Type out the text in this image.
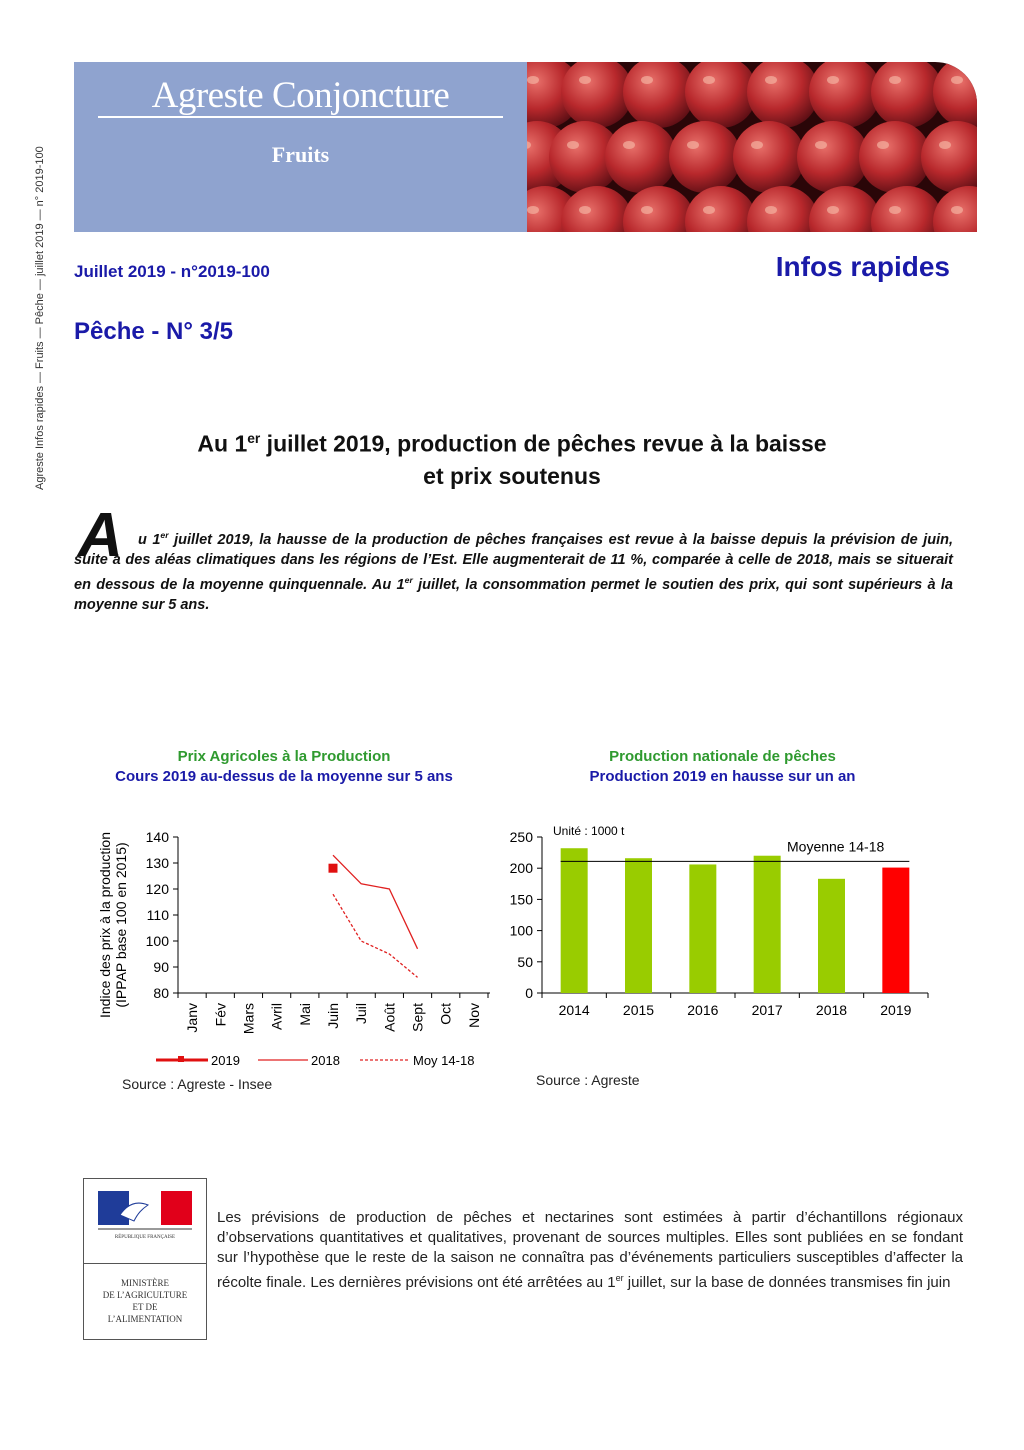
Agreste Infos rapides — Fruits — Pêche — juillet 2019 — n° 2019-100
Agreste Conjoncture
Fruits
Juillet 2019 - n°2019-100	Infos rapides
Pêche - N° 3/5
Au 1er juillet 2019, production de pêches revue à la baisse
et prix soutenus
A	u 1er juillet 2019, la hausse de la production de pêches françaises est revue à la baisse depuis la prévision de juin, suite à des aléas climatiques dans les régions de l’Est. Elle augmenterait de 11 %, comparée à celle de 2018, mais se situerait en dessous de la moyenne quinquennale. Au 1er juillet, la consommation permet le soutien des prix, qui sont supérieurs à la moyenne sur 5 ans.
Prix Agricoles à la Production
Cours 2019 au-dessus de la moyenne sur 5 ans
Production nationale de pêches
Production 2019 en hausse sur un an
80
90
100
110
120
130
140
Janv Fév Mars Avril Mai Juin Juil Août Sept Oct Nov
Indice des prix à la production (IPPAP base 100 en 2015)
2019	2018	Moy 14-18
0
50
100
150
200
250
2014 2015 2016 2017 2018 2019
Moyenne 14-18
Unité : 1000 t
Source : Agreste - Insee	Source : Agreste
RÉPUBLIQUE FRANÇAISE
MINISTÈRE
DE L’AGRICULTURE
ET DE
L’ALIMENTATION
Les prévisions de production de pêches et nectarines sont estimées à partir d’échantillons régionaux d’observations quantitatives et qualitatives, provenant de sources multiples. Elles sont publiées en se fondant sur l’hypothèse que le reste de la saison ne connaîtra pas d’événements particuliers susceptibles d’affecter la récolte finale. Les dernières prévisions ont été arrêtées au 1er juillet, sur la base de données transmises fin juin
